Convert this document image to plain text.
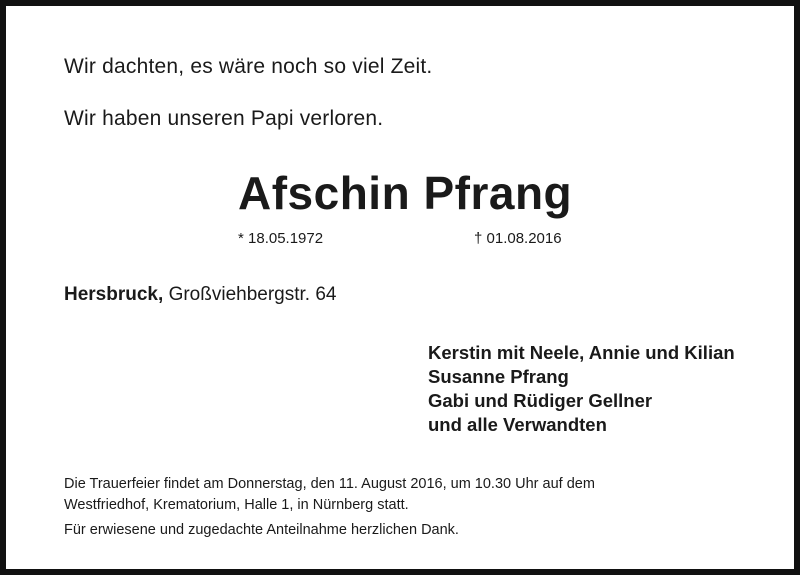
Wir dachten, es wäre noch so viel Zeit.
Wir haben unseren Papi verloren.
Afschin Pfrang
* 18.05.1972	† 01.08.2016
Hersbruck, Großviehbergstr. 64
Kerstin mit Neele, Annie und Kilian
Susanne Pfrang
Gabi und Rüdiger Gellner
und alle Verwandten
Die Trauerfeier findet am Donnerstag, den 11. August 2016, um 10.30 Uhr auf dem
Westfriedhof, Krematorium, Halle 1, in Nürnberg statt.
Für erwiesene und zugedachte Anteilnahme herzlichen Dank.
